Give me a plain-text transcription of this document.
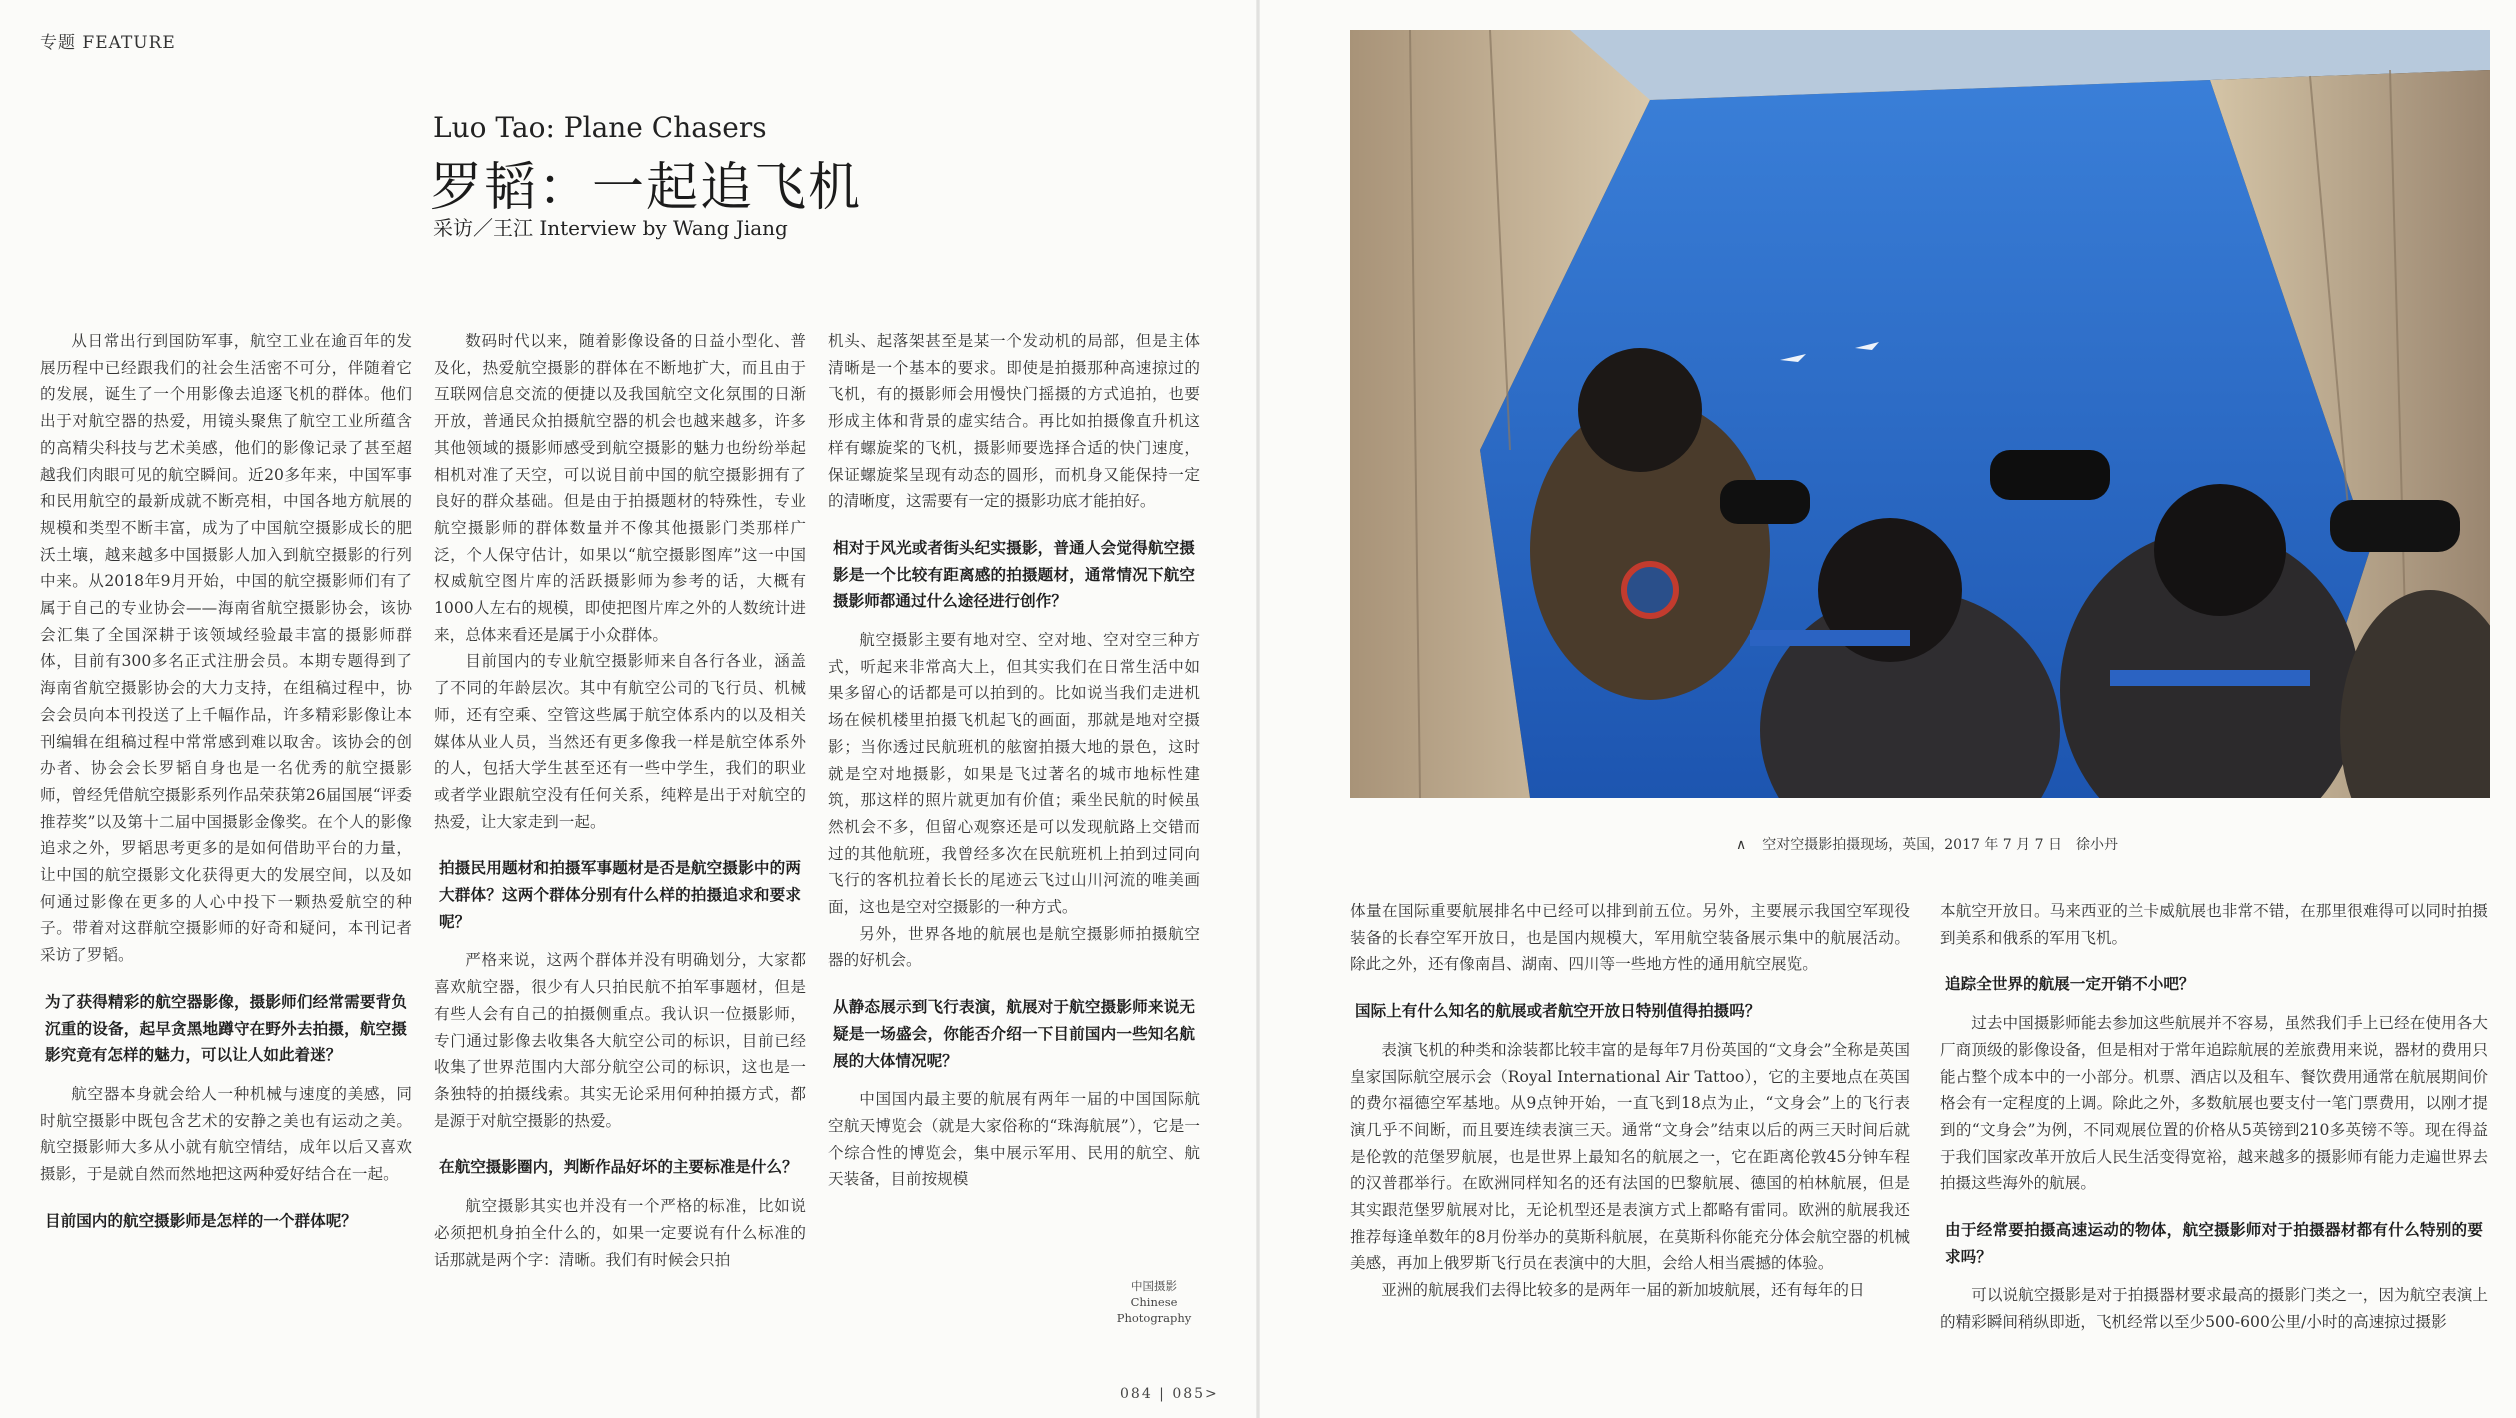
专题 FEATURE
Luo Tao: Plane Chasers
罗韬：一起追飞机
采访／王江 Interview by Wang Jiang

从日常出行到国防军事，航空工业在逾百年的发展历程中已经跟我们的社会生活密不可分，伴随着它的发展，诞生了一个用影像去追逐飞机的群体。他们出于对航空器的热爱，用镜头聚焦了航空工业所蕴含的高精尖科技与艺术美感，他们的影像记录了甚至超越我们肉眼可见的航空瞬间。近20多年来，中国军事和民用航空的最新成就不断亮相，中国各地方航展的规模和类型不断丰富，成为了中国航空摄影成长的肥沃土壤，越来越多中国摄影人加入到航空摄影的行列中来。从2018年9月开始，中国的航空摄影师们有了属于自己的专业协会——海南省航空摄影协会，该协会汇集了全国深耕于该领域经验最丰富的摄影师群体，目前有300多名正式注册会员。本期专题得到了海南省航空摄影协会的大力支持，在组稿过程中，协会会员向本刊投送了上千幅作品，许多精彩影像让本刊编辑在组稿过程中常常感到难以取舍。该协会的创办者、协会会长罗韬自身也是一名优秀的航空摄影师，曾经凭借航空摄影系列作品荣获第26届国展“评委推荐奖”以及第十二届中国摄影金像奖。在个人的影像追求之外，罗韬思考更多的是如何借助平台的力量，让中国的航空摄影文化获得更大的发展空间，以及如何通过影像在更多的人心中投下一颗热爱航空的种子。带着对这群航空摄影师的好奇和疑问，本刊记者采访了罗韬。

为了获得精彩的航空器影像，摄影师们经常需要背负沉重的设备，起早贪黑地蹲守在野外去拍摄，航空摄影究竟有怎样的魅力，可以让人如此着迷？

航空器本身就会给人一种机械与速度的美感，同时航空摄影中既包含艺术的安静之美也有运动之美。航空摄影师大多从小就有航空情结，成年以后又喜欢摄影，于是就自然而然地把这两种爱好结合在一起。

目前国内的航空摄影师是怎样的一个群体呢？

数码时代以来，随着影像设备的日益小型化、普及化，热爱航空摄影的群体在不断地扩大，而且由于互联网信息交流的便捷以及我国航空文化氛围的日渐开放，普通民众拍摄航空器的机会也越来越多，许多其他领域的摄影师感受到航空摄影的魅力也纷纷举起相机对准了天空，可以说目前中国的航空摄影拥有了良好的群众基础。但是由于拍摄题材的特殊性，专业航空摄影师的群体数量并不像其他摄影门类那样广泛，个人保守估计，如果以“航空摄影图库”这一中国权威航空图片库的活跃摄影师为参考的话，大概有1000人左右的规模，即使把图片库之外的人数统计进来，总体来看还是属于小众群体。

目前国内的专业航空摄影师来自各行各业，涵盖了不同的年龄层次。其中有航空公司的飞行员、机械师，还有空乘、空管这些属于航空体系内的以及相关媒体从业人员，当然还有更多像我一样是航空体系外的人，包括大学生甚至还有一些中学生，我们的职业或者学业跟航空没有任何关系，纯粹是出于对航空的热爱，让大家走到一起。

拍摄民用题材和拍摄军事题材是否是航空摄影中的两大群体？这两个群体分别有什么样的拍摄追求和要求呢？

严格来说，这两个群体并没有明确划分，大家都喜欢航空器，很少有人只拍民航不拍军事题材，但是有些人会有自己的拍摄侧重点。我认识一位摄影师，专门通过影像去收集各大航空公司的标识，目前已经收集了世界范围内大部分航空公司的标识，这也是一条独特的拍摄线索。其实无论采用何种拍摄方式，都是源于对航空摄影的热爱。

在航空摄影圈内，判断作品好坏的主要标准是什么？

航空摄影其实也并没有一个严格的标准，比如说必须把机身拍全什么的，如果一定要说有什么标准的话那就是两个字：清晰。我们有时候会只拍

机头、起落架甚至是某一个发动机的局部，但是主体清晰是一个基本的要求。即使是拍摄那种高速掠过的飞机，有的摄影师会用慢快门摇摄的方式追拍，也要形成主体和背景的虚实结合。再比如拍摄像直升机这样有螺旋桨的飞机，摄影师要选择合适的快门速度，保证螺旋桨呈现有动态的圆形，而机身又能保持一定的清晰度，这需要有一定的摄影功底才能拍好。

相对于风光或者街头纪实摄影，普通人会觉得航空摄影是一个比较有距离感的拍摄题材，通常情况下航空摄影师都通过什么途径进行创作？

航空摄影主要有地对空、空对地、空对空三种方式，听起来非常高大上，但其实我们在日常生活中如果多留心的话都是可以拍到的。比如说当我们走进机场在候机楼里拍摄飞机起飞的画面，那就是地对空摄影；当你透过民航班机的舷窗拍摄大地的景色，这时就是空对地摄影，如果是飞过著名的城市地标性建筑，那这样的照片就更加有价值；乘坐民航的时候虽然机会不多，但留心观察还是可以发现航路上交错而过的其他航班，我曾经多次在民航班机上拍到过同向飞行的客机拉着长长的尾迹云飞过山川河流的唯美画面，这也是空对空摄影的一种方式。

另外，世界各地的航展也是航空摄影师拍摄航空器的好机会。

从静态展示到飞行表演，航展对于航空摄影师来说无疑是一场盛会，你能否介绍一下目前国内一些知名航展的大体情况呢？

中国国内最主要的航展有两年一届的中国国际航空航天博览会（就是大家俗称的“珠海航展”），它是一个综合性的博览会，集中展示军用、民用的航空、航天装备，目前按规模

中国摄影
Chinese
Photography
084 | 085>
∧ 空对空摄影拍摄现场，英国，2017 年 7 月 7 日　徐小丹

体量在国际重要航展排名中已经可以排到前五位。另外，主要展示我国空军现役装备的长春空军开放日，也是国内规模大，军用航空装备展示集中的航展活动。除此之外，还有像南昌、湖南、四川等一些地方性的通用航空展览。

国际上有什么知名的航展或者航空开放日特别值得拍摄吗？

表演飞机的种类和涂装都比较丰富的是每年7月份英国的“文身会”全称是英国皇家国际航空展示会（Royal International Air Tattoo），它的主要地点在英国的费尔福德空军基地。从9点钟开始，一直飞到18点为止，“文身会”上的飞行表演几乎不间断，而且要连续表演三天。通常“文身会”结束以后的两三天时间后就是伦敦的范堡罗航展，也是世界上最知名的航展之一，它在距离伦敦45分钟车程的汉普郡举行。在欧洲同样知名的还有法国的巴黎航展、德国的柏林航展，但是其实跟范堡罗航展对比，无论机型还是表演方式上都略有雷同。欧洲的航展我还推荐每逢单数年的8月份举办的莫斯科航展，在莫斯科你能充分体会航空器的机械美感，再加上俄罗斯飞行员在表演中的大胆，会给人相当震撼的体验。

亚洲的航展我们去得比较多的是两年一届的新加坡航展，还有每年的日

本航空开放日。马来西亚的兰卡威航展也非常不错，在那里很难得可以同时拍摄到美系和俄系的军用飞机。

追踪全世界的航展一定开销不小吧？

过去中国摄影师能去参加这些航展并不容易，虽然我们手上已经在使用各大厂商顶级的影像设备，但是相对于常年追踪航展的差旅费用来说，器材的费用只能占整个成本中的一小部分。机票、酒店以及租车、餐饮费用通常在航展期间价格会有一定程度的上调。除此之外，多数航展也要支付一笔门票费用，以刚才提到的“文身会”为例，不同观展位置的价格从5英镑到210多英镑不等。现在得益于我们国家改革开放后人民生活变得宽裕，越来越多的摄影师有能力走遍世界去拍摄这些海外的航展。

由于经常要拍摄高速运动的物体，航空摄影师对于拍摄器材都有什么特别的要求吗？

可以说航空摄影是对于拍摄器材要求最高的摄影门类之一，因为航空表演上的精彩瞬间稍纵即逝，飞机经常以至少500-600公里/小时的高速掠过摄影
